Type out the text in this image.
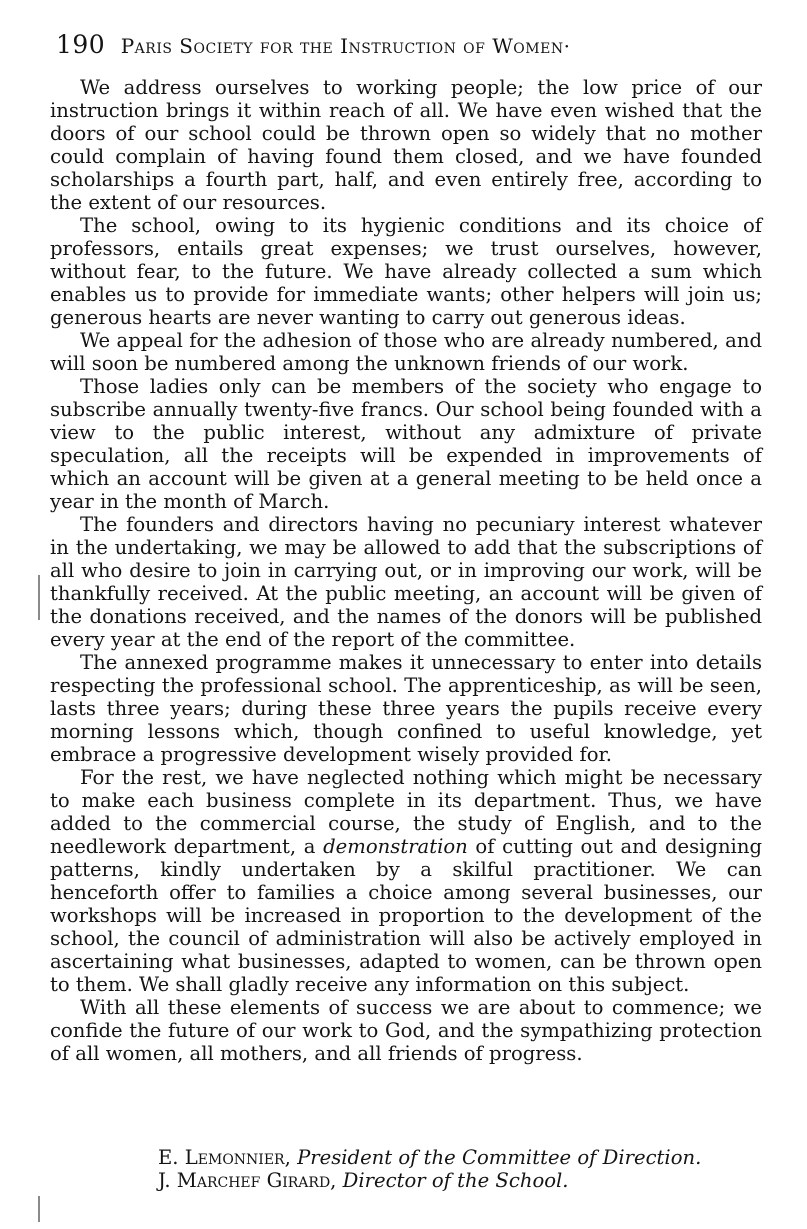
190 Paris Society for the Instruction of Women·

We address ourselves to working people; the low price of our instruction brings it within reach of all. We have even wished that the doors of our school could be thrown open so widely that no mother could complain of having found them closed, and we have founded scholarships a fourth part, half, and even entirely free, according to the extent of our resources.

The school, owing to its hygienic conditions and its choice of professors, entails great expenses; we trust ourselves, however, without fear, to the future. We have already collected a sum which enables us to provide for immediate wants; other helpers will join us; generous hearts are never wanting to carry out generous ideas.

We appeal for the adhesion of those who are already numbered, and will soon be numbered among the unknown friends of our work.

Those ladies only can be members of the society who engage to subscribe annually twenty-five francs. Our school being founded with a view to the public interest, without any admixture of private speculation, all the receipts will be expended in improvements of which an account will be given at a general meeting to be held once a year in the month of March.

The founders and directors having no pecuniary interest whatever in the undertaking, we may be allowed to add that the subscriptions of all who desire to join in carrying out, or in improving our work, will be thankfully received. At the public meeting, an account will be given of the donations received, and the names of the donors will be published every year at the end of the report of the committee.

The annexed programme makes it unnecessary to enter into details respecting the professional school. The apprenticeship, as will be seen, lasts three years; during these three years the pupils receive every morning lessons which, though confined to useful knowledge, yet embrace a progressive development wisely provided for.

For the rest, we have neglected nothing which might be necessary to make each business complete in its department. Thus, we have added to the commercial course, the study of English, and to the needlework department, a demonstration of cutting out and designing patterns, kindly undertaken by a skilful practitioner. We can henceforth offer to families a choice among several businesses, our workshops will be increased in proportion to the development of the school, the council of administration will also be actively employed in ascertaining what businesses, adapted to women, can be thrown open to them. We shall gladly receive any information on this subject.

With all these elements of success we are about to commence; we confide the future of our work to God, and the sympathizing protection of all women, all mothers, and all friends of progress.

E. Lemonnier, President of the Committee of Direction.
J. Marchef Girard, Director of the School.
